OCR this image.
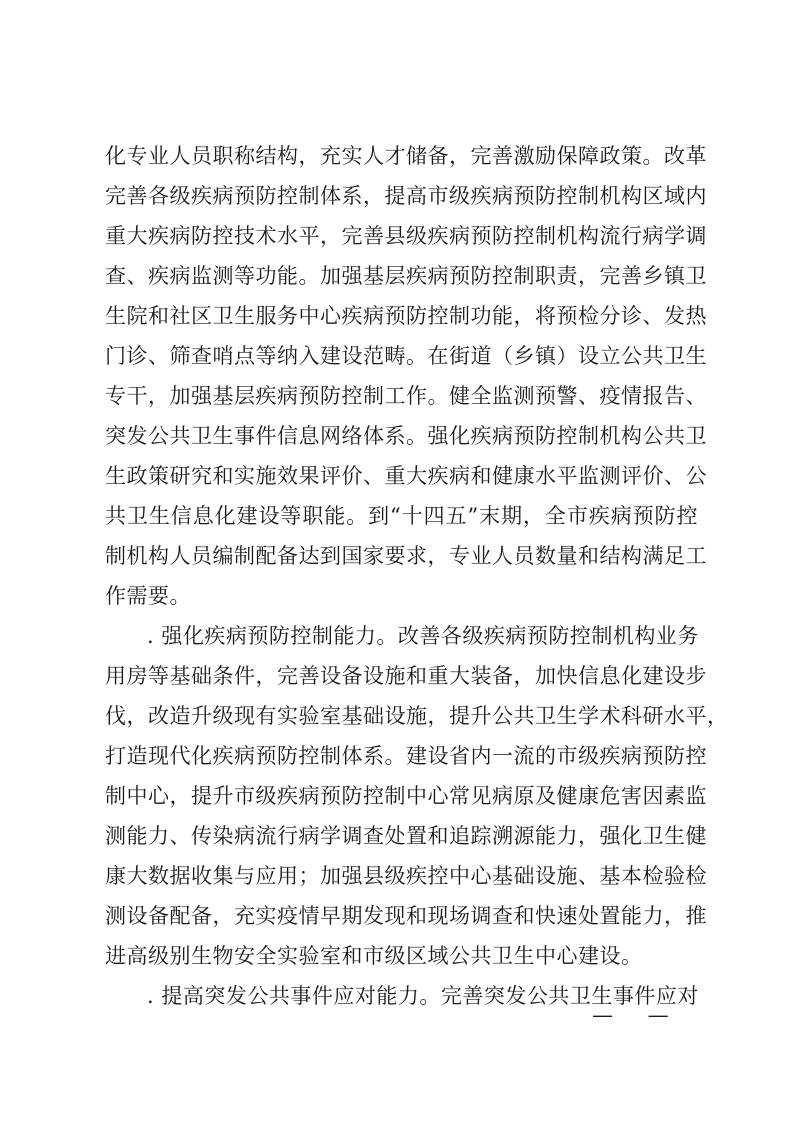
化专业人员职称结构，充实人才储备，完善激励保障政策。改革
完善各级疾病预防控制体系，提高市级疾病预防控制机构区域内
重大疾病防控技术水平，完善县级疾病预防控制机构流行病学调
查、疾病监测等功能。加强基层疾病预防控制职责，完善乡镇卫
生院和社区卫生服务中心疾病预防控制功能，将预检分诊、发热
门诊、筛查哨点等纳入建设范畴。在街道（乡镇）设立公共卫生
专干，加强基层疾病预防控制工作。健全监测预警、疫情报告、
突发公共卫生事件信息网络体系。强化疾病预防控制机构公共卫
生政策研究和实施效果评价、重大疾病和健康水平监测评价、公
共卫生信息化建设等职能。到“十四五”末期，全市疾病预防控
制机构人员编制配备达到国家要求，专业人员数量和结构满足工
作需要。
. 强化疾病预防控制能力。改善各级疾病预防控制机构业务
用房等基础条件，完善设备设施和重大装备，加快信息化建设步
伐，改造升级现有实验室基础设施，提升公共卫生学术科研水平，
打造现代化疾病预防控制体系。建设省内一流的市级疾病预防控
制中心，提升市级疾病预防控制中心常见病原及健康危害因素监
测能力、传染病流行病学调查处置和追踪溯源能力，强化卫生健
康大数据收集与应用；加强县级疾控中心基础设施、基本检验检
测设备配备，充实疫情早期发现和现场调查和快速处置能力，推
进高级别生物安全实验室和市级区域公共卫生中心建设。
. 提高突发公共事件应对能力。完善突发公共卫生事件应对
— —
